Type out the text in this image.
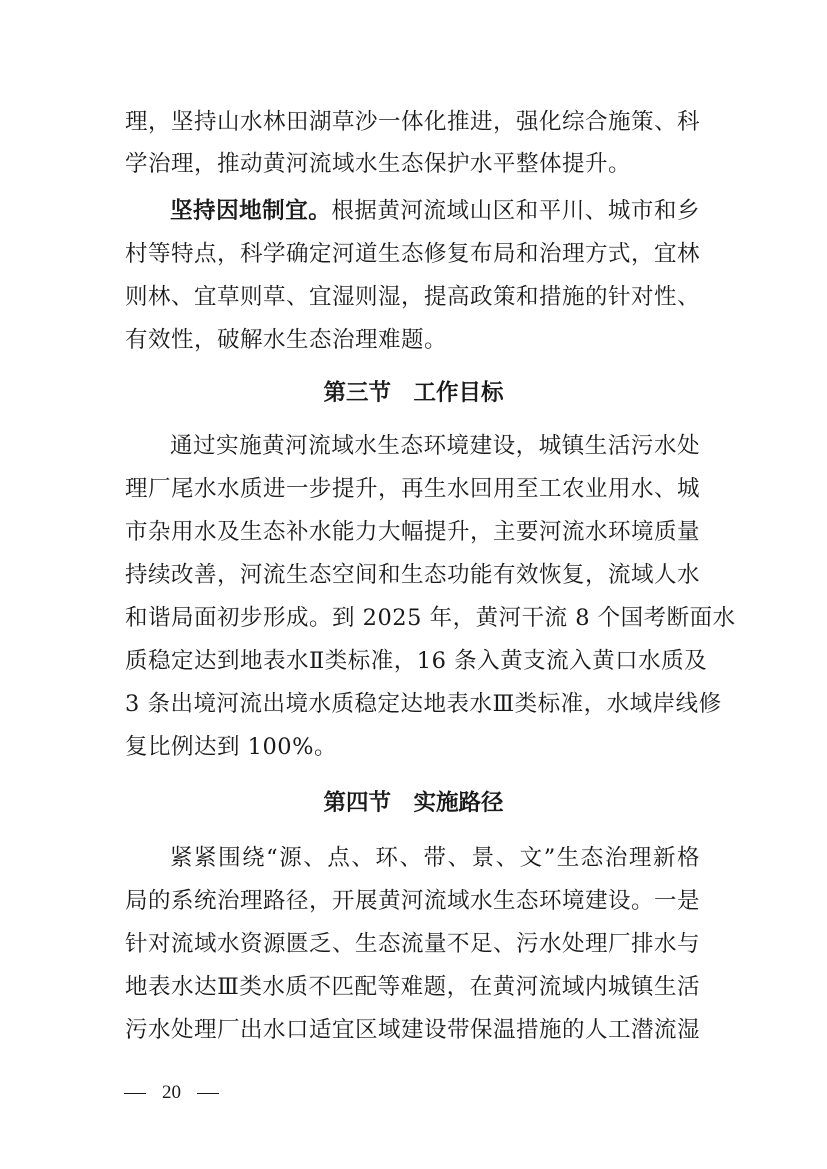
理，坚持山水林田湖草沙一体化推进，强化综合施策、科
学治理，推动黄河流域水生态保护水平整体提升。
坚持因地制宜。根据黄河流域山区和平川、城市和乡
村等特点，科学确定河道生态修复布局和治理方式，宜林
则林、宜草则草、宜湿则湿，提高政策和措施的针对性、
有效性，破解水生态治理难题。
第三节　工作目标
通过实施黄河流域水生态环境建设，城镇生活污水处
理厂尾水水质进一步提升，再生水回用至工农业用水、城
市杂用水及生态补水能力大幅提升，主要河流水环境质量
持续改善，河流生态空间和生态功能有效恢复，流域人水
和谐局面初步形成。到 2025 年，黄河干流 8 个国考断面水
质稳定达到地表水Ⅱ类标准，16 条入黄支流入黄口水质及
3 条出境河流出境水质稳定达地表水Ⅲ类标准，水域岸线修
复比例达到 100%。
第四节　实施路径
紧紧围绕“源、点、环、带、景、文”生态治理新格
局的系统治理路径，开展黄河流域水生态环境建设。一是
针对流域水资源匮乏、生态流量不足、污水处理厂排水与
地表水达Ⅲ类水质不匹配等难题，在黄河流域内城镇生活
污水处理厂出水口适宜区域建设带保温措施的人工潜流湿
20
